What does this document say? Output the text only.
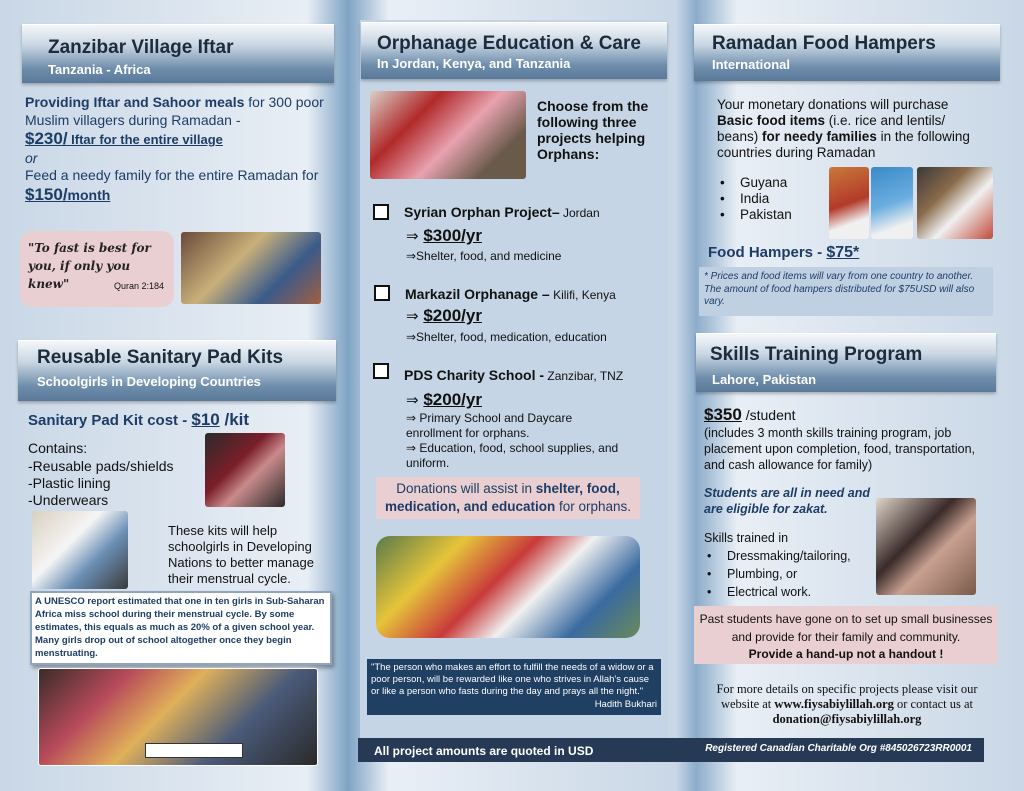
Zanzibar Village Iftar
Tanzania - Africa
Providing Iftar and Sahoor meals for 300 poor
Muslim villagers during Ramadan -
$230/ Iftar for the entire village
or
Feed a needy family for the entire Ramadan for
$150/month
"To fast is best for you, if only you knew"	Quran 2:184
Reusable Sanitary Pad Kits
Schoolgirls in Developing Countries
Sanitary Pad Kit cost - $10 /kit
Contains:
-Reusable pads/shields
-Plastic lining
-Underwears
These kits will help
schoolgirls in Developing
Nations to better manage
their menstrual cycle.
A UNESCO report estimated that one in ten girls in Sub-Saharan Africa miss school during their menstrual cycle. By some estimates, this equals as much as 20% of a given school year. Many girls drop out of school altogether once they begin menstruating.
Orphanage Education & Care
In Jordan, Kenya, and Tanzania
Choose from the following three projects helping Orphans:
Syrian Orphan Project– Jordan
⇒ $300/yr
⇒Shelter, food, and medicine
Markazil Orphanage – Kilifi, Kenya
⇒ $200/yr
⇒Shelter, food, medication, education
PDS Charity School - Zanzibar, TNZ
⇒ $200/yr
⇒ Primary School and Daycare enrollment for orphans.
⇒ Education, food, school supplies, and uniform.
Donations will assist in shelter, food, medication, and education for orphans.
"The person who makes an effort to fulfill the needs of a widow or a poor person, will be rewarded like one who strives in Allah's cause or like a person who fasts during the day and prays all the night."
Hadith Bukhari
Ramadan Food Hampers
International
Your monetary donations will purchase
Basic food items (i.e. rice and lentils/
beans) for needy families in the following
countries during Ramadan
• Guyana
• India
• Pakistan
Food Hampers - $75*
* Prices and food items will vary from one country to another. The amount of food hampers distributed for $75USD will also vary.
Skills Training Program
Lahore, Pakistan
$350 /student
(includes 3 month skills training program, job placement upon completion, food, transportation, and cash allowance for family)
Students are all in need and are eligible for zakat.
Skills trained in
• Dressmaking/tailoring,
• Plumbing, or
• Electrical work.
Past students have gone on to set up small businesses
and provide for their family and community.
Provide a hand-up not a handout !
For more details on specific projects please visit our
website at www.fiysabiylillah.org or contact us at
donation@fiysabiylillah.org
All project amounts are quoted in USD	Registered Canadian Charitable Org #845026723RR0001
